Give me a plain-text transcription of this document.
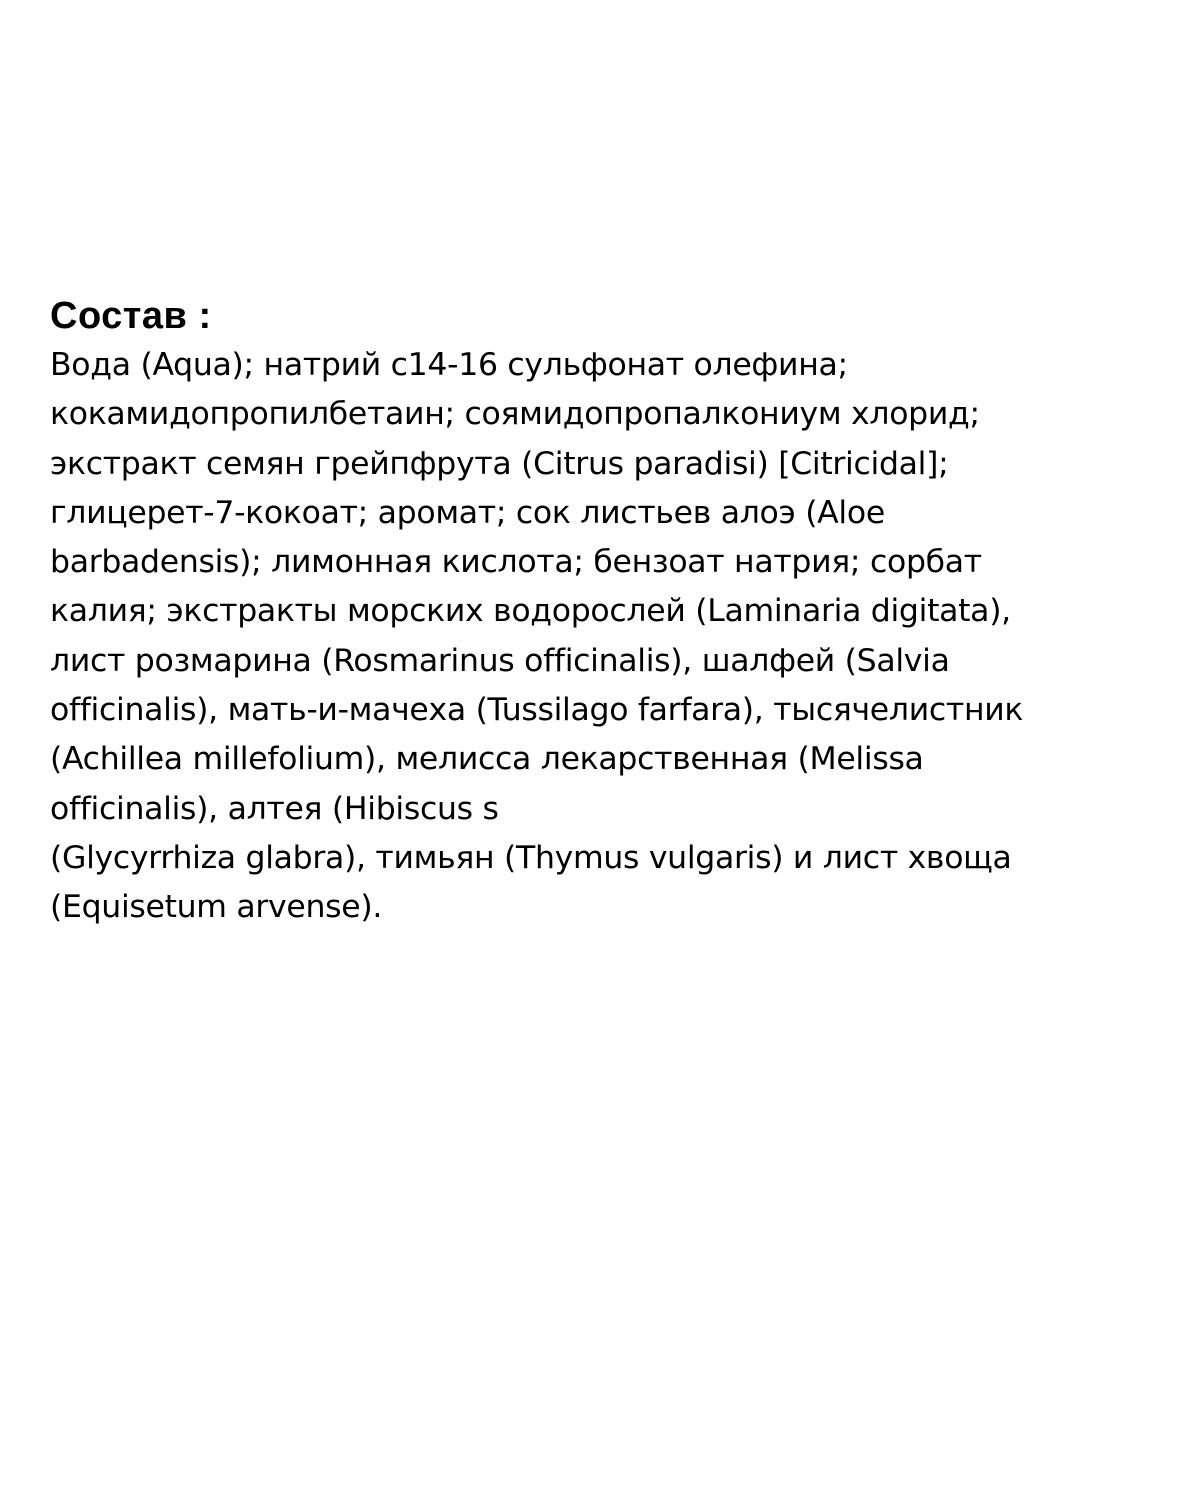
Состав :
Вода (Aqua); натрий с14-16 сульфонат олефина;
кокамидопропилбетаин; соямидопропалкониум хлорид;
экстракт семян грейпфрута (Citrus paradisi) [Citricidal];
глицерет-7-кокоат; аромат; сок листьев алоэ (Aloe
barbadensis); лимонная кислота; бензоат натрия; сорбат
калия; экстракты морских водорослей (Laminaria digitata),
лист розмарина (Rosmarinus officinalis), шалфей (Salvia
officinalis), мать-и-мачеха (Tussilago farfara), тысячелистник
(Achillea millefolium), мелисса лекарственная (Melissa
officinalis), алтея (Hibiscus s
(Glycyrrhiza glabra), тимьян (Thymus vulgaris) и лист хвоща
(Equisetum arvense).
